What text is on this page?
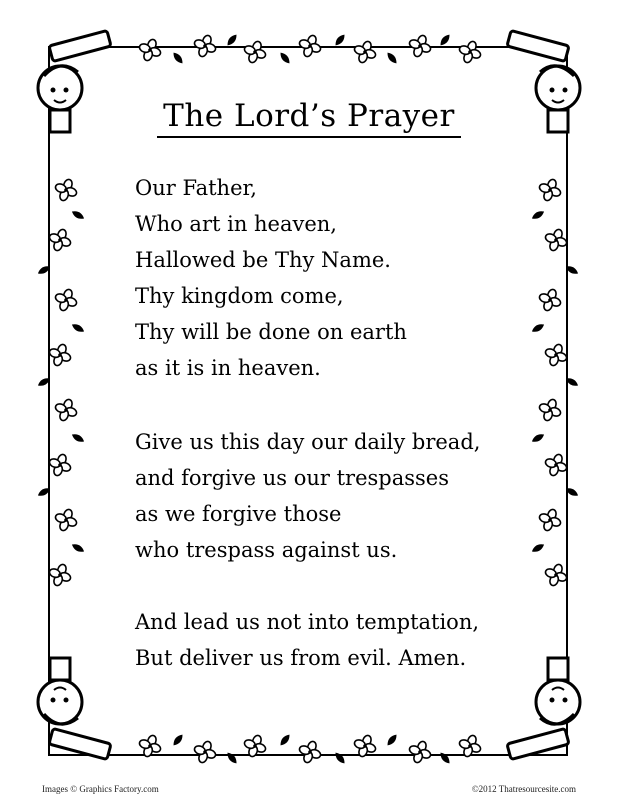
The Lord’s Prayer
Our Father,
Who art in heaven,
Hallowed be Thy Name.
Thy kingdom come,
Thy will be done on earth
as it is in heaven.
Give us this day our daily bread,
and forgive us our trespasses
as we forgive those
who trespass against us.
And lead us not into temptation,
But deliver us from evil. Amen.
Images © Graphics Factory.com	©2012 Thatresourcesite.com
